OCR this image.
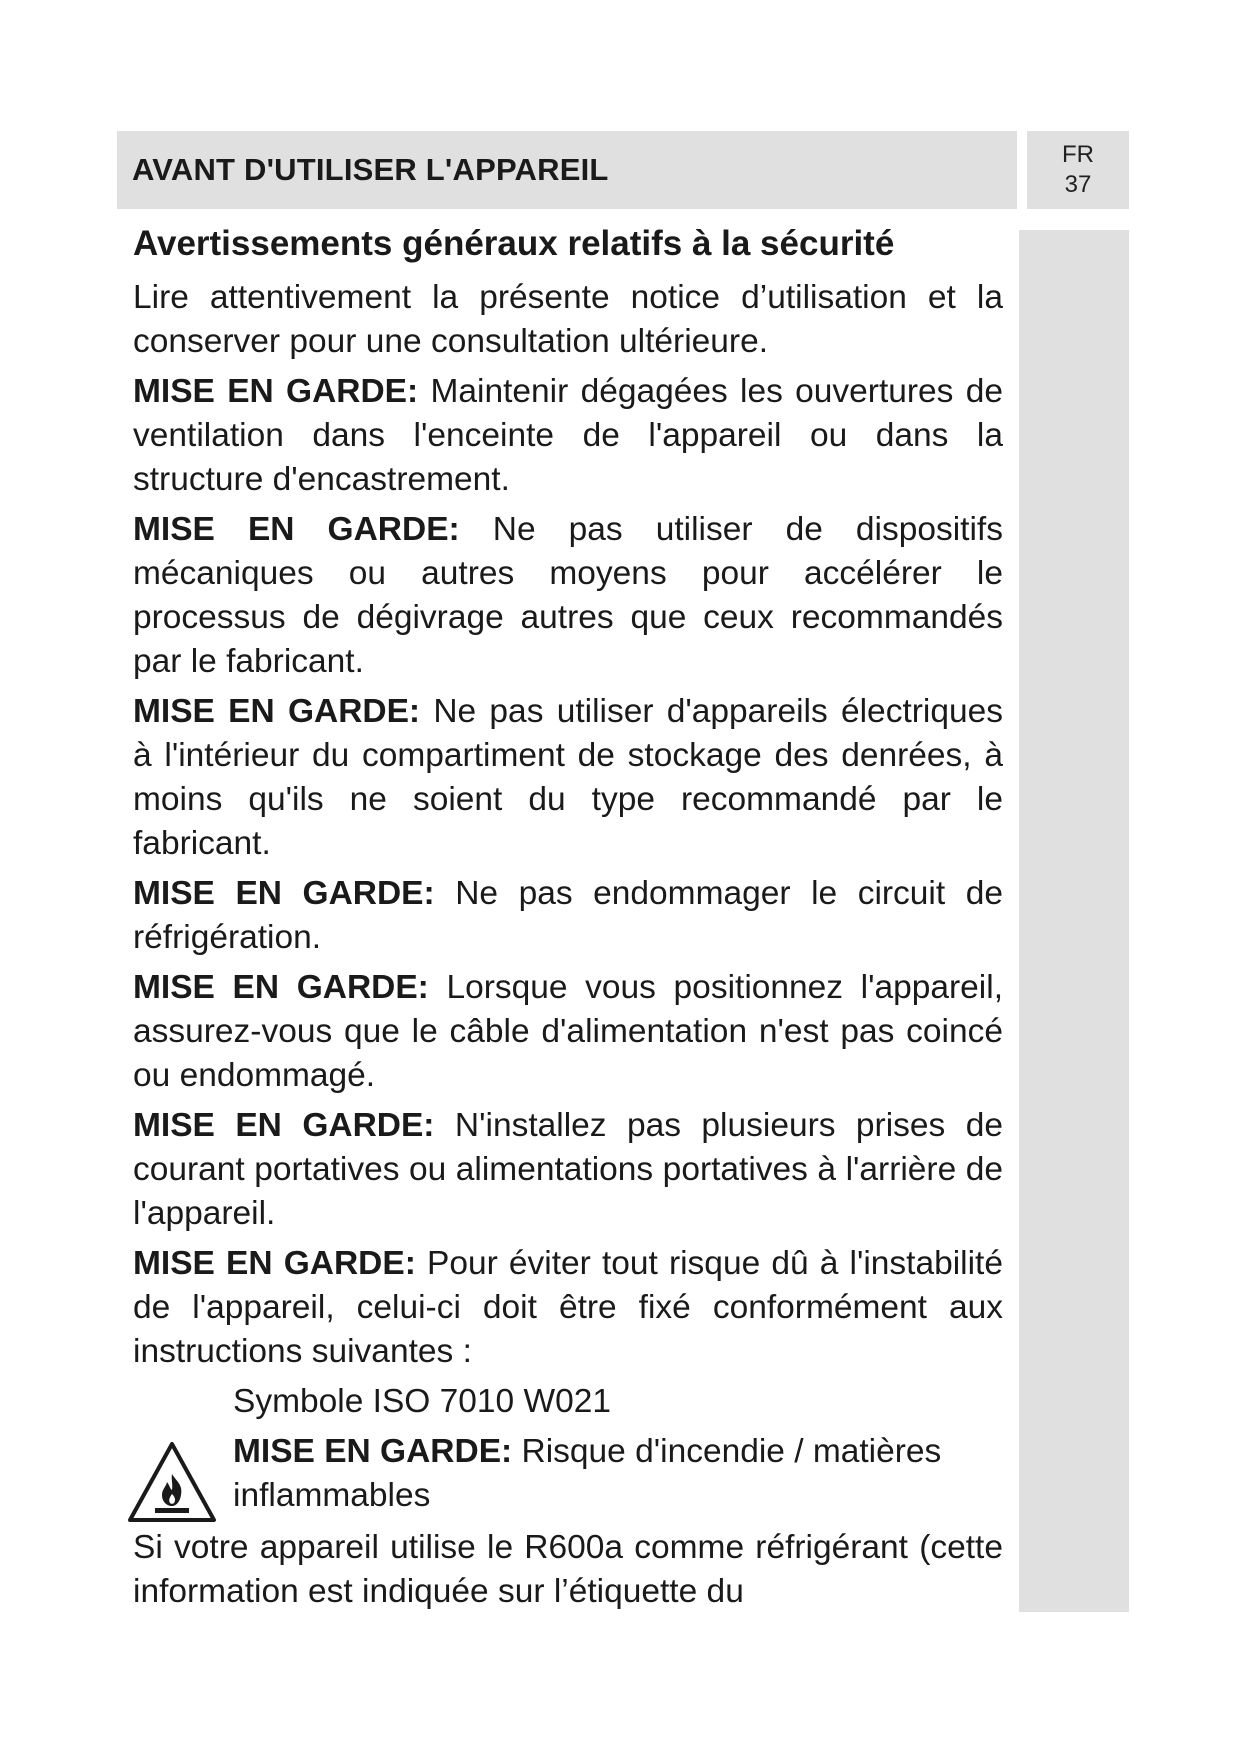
AVANT D'UTILISER L'APPAREIL	FR
37
Avertissements généraux relatifs à la sécurité

Lire attentivement la présente notice d’utilisation et la conserver pour une consultation ultérieure.

MISE EN GARDE: Maintenir dégagées les ouvertures de ventilation dans l'enceinte de l'appareil ou dans la structure d'encastrement.

MISE EN GARDE: Ne pas utiliser de dispositifs mécaniques ou autres moyens pour accélérer le processus de dégivrage autres que ceux recommandés par le fabricant.

MISE EN GARDE: Ne pas utiliser d'appareils électriques à l'intérieur du compartiment de stockage des denrées, à moins qu'ils ne soient du type recommandé par le fabricant.

MISE EN GARDE: Ne pas endommager le circuit de réfrigération.

MISE EN GARDE: Lorsque vous positionnez l'appareil, assurez-vous que le câble d'alimentation n'est pas coincé ou endommagé.

MISE EN GARDE: N'installez pas plusieurs prises de courant portatives ou alimentations portatives à l'arrière de l'appareil.

MISE EN GARDE: Pour éviter tout risque dû à l'instabilité de l'appareil, celui-ci doit être fixé conformément aux instructions suivantes :

Symbole ISO 7010 W021

MISE EN GARDE: Risque d'incendie / matières inflammables

Si votre appareil utilise le R600a comme réfrigérant (cette information est indiquée sur l’étiquette du
